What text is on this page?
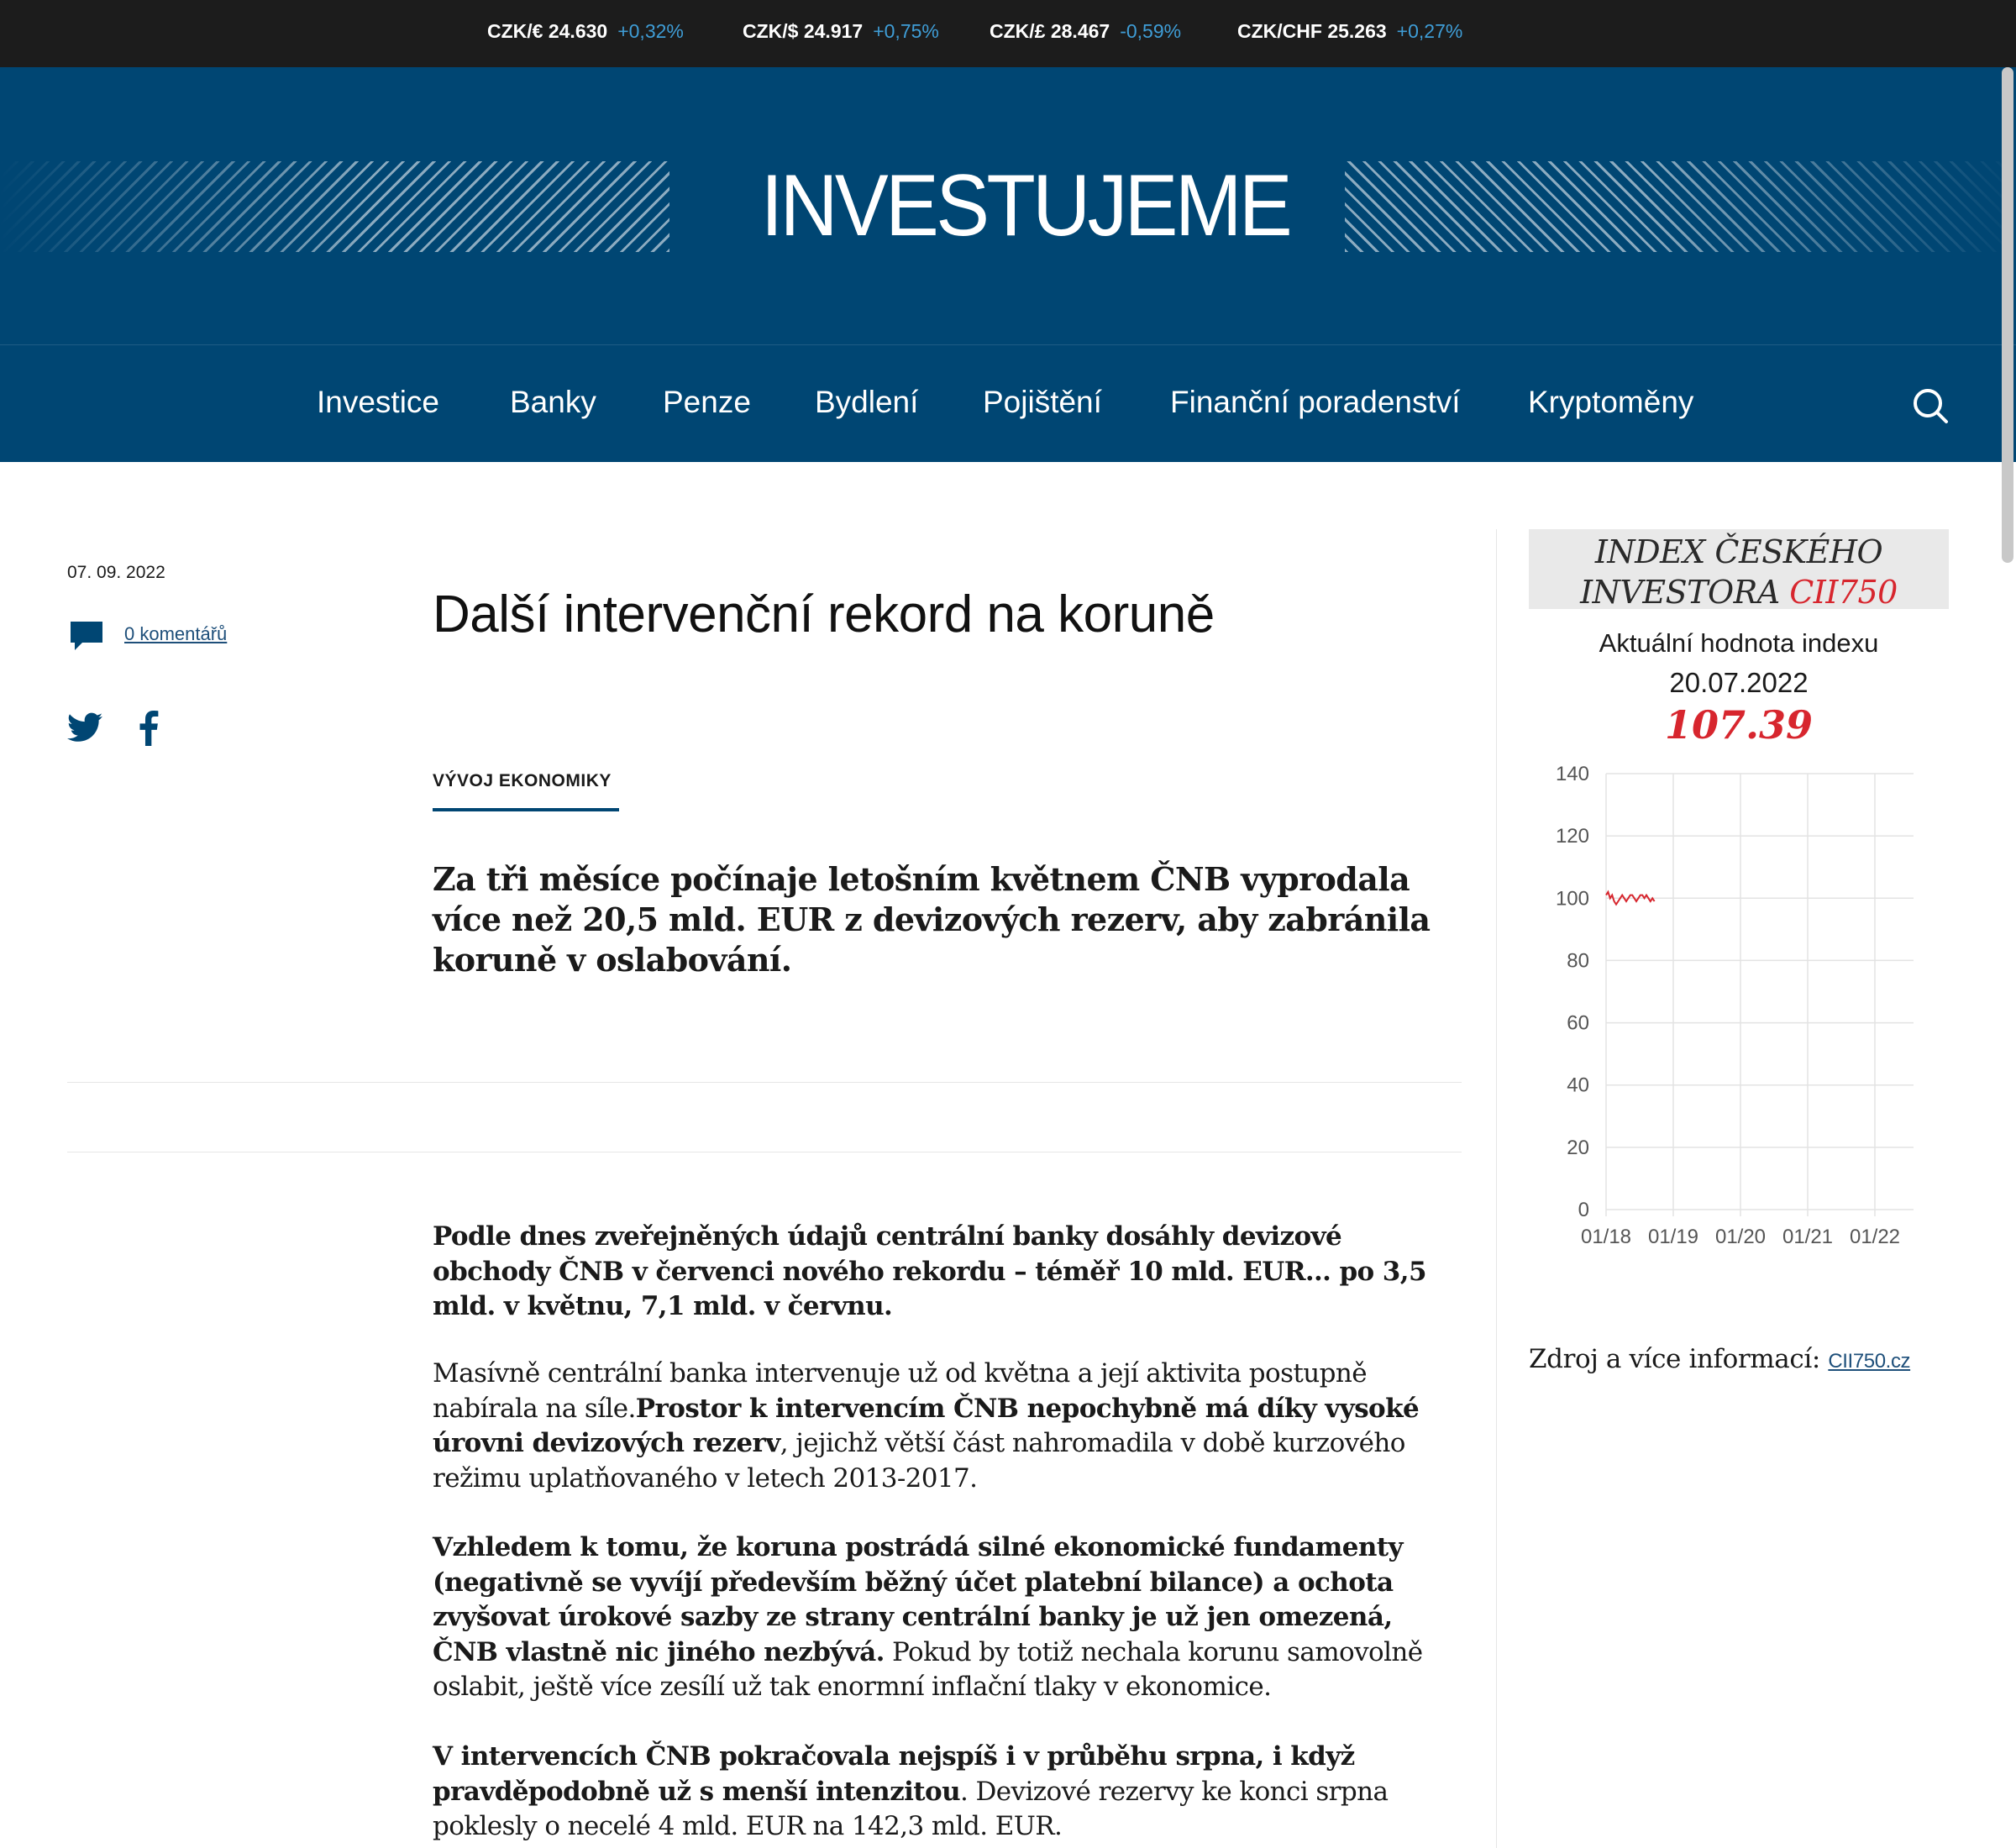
CZK/€ 24.630 +0,32%	CZK/$ 24.917 +0,75%	CZK/£ 28.467 -0,59%	CZK/CHF 25.263 +0,27%
INVESTUJEME
Investice Banky Penze Bydlení Pojištění Finanční poradenství Kryptoměny
07. 09. 2022
0 komentářů	Další intervenční rekord na koruně
VÝVOJ EKONOMIKY
Za tři měsíce počínaje letošním květnem ČNB vyprodala více než 20,5 mld. EUR z devizových rezerv, aby zabránila koruně v oslabování.

Podle dnes zveřejněných údajů centrální banky dosáhly devizové obchody ČNB v červenci nového rekordu – téměř 10 mld. EUR… po 3,5 mld. v květnu, 7,1 mld. v červnu.

Masívně centrální banka intervenuje už od května a její aktivita postupně nabírala na síle.Prostor k intervencím ČNB nepochybně má díky vysoké úrovni devizových rezerv, jejichž větší část nahromadila v době kurzového režimu uplatňovaného v letech 2013-2017.

Vzhledem k tomu, že koruna postrádá silné ekonomické fundamenty (negativně se vyvíjí především běžný účet platební bilance) a ochota zvyšovat úrokové sazby ze strany centrální banky je už jen omezená, ČNB vlastně nic jiného nezbývá. Pokud by totiž nechala korunu samovolně oslabit, ještě více zesílí už tak enormní inflační tlaky v ekonomice.

V intervencích ČNB pokračovala nejspíš i v průběhu srpna, i když pravděpodobně už s menší intenzitou. Devizové rezervy ke konci srpna poklesly o necelé 4 mld. EUR na 142,3 mld. EUR.

INDEX ČESKÉHO
INVESTORA CII750
Aktuální hodnota indexu
20.07.2022
107.39
0
20
40
60
80
100
120
140
01/18 01/19 01/20 01/21 01/22
Zdroj a více informací: CII750.cz
